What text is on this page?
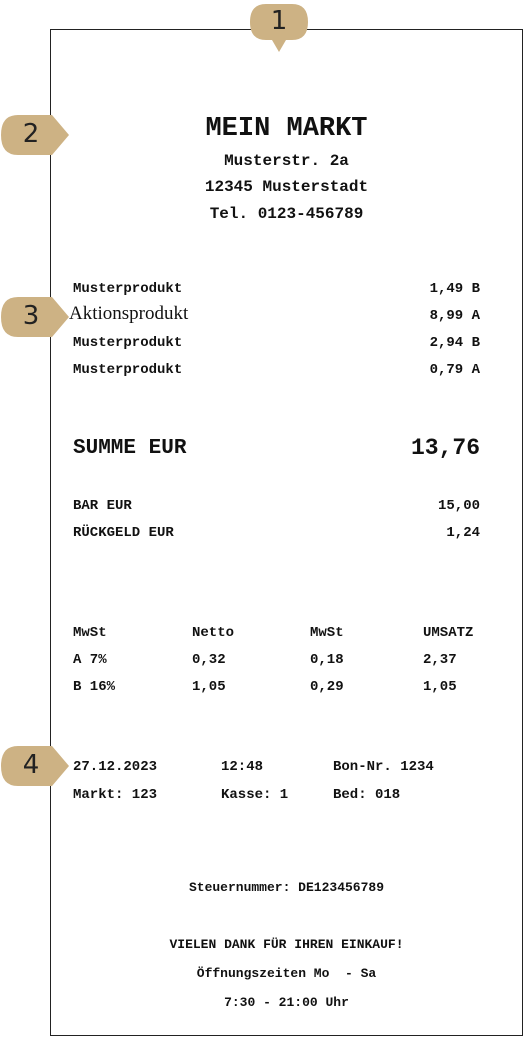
MEIN MARKT
Musterstr. 2a
12345 Musterstadt
Tel. 0123-456789
Musterprodukt	1,49 B
Aktionsprodukt	8,99 A
Musterprodukt	2,94 B
Musterprodukt	0,79 A
SUMME EUR	13,76
BAR EUR	15,00
RÜCKGELD EUR	1,24
MwSt	Netto	MwSt	UMSATZ
A 7%	0,32	0,18	2,37
B 16%	1,05	0,29	1,05
27.12.2023	12:48	Bon-Nr. 1234
Markt: 123	Kasse: 1	Bed: 018
Steuernummer: DE123456789
VIELEN DANK FÜR IHREN EINKAUF!
Öffnungszeiten Mo  - Sa
7:30 - 21:00 Uhr
1
2
3
4
